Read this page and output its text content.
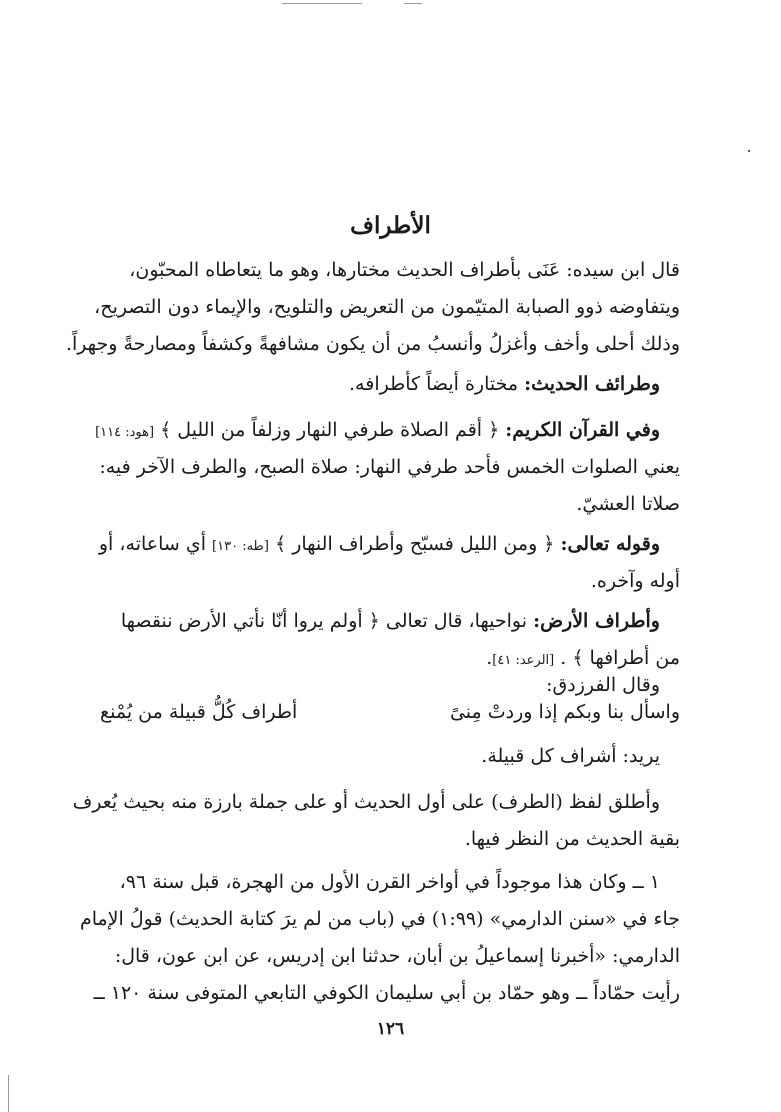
الأطراف
قال ابن سيده: عَنَى بأطراف الحديث مختارها، وهو ما يتعاطاه المحبّون،
ويتفاوضه ذوو الصبابة المتيّمون من التعريض والتلويح، والإيماء دون التصريح،
وذلك أحلى وأخف وأغزلُ وأنسبُ من أن يكون مشافهةً وكشفاً ومصارحةً وجهراً.
وطرائف الحديث: مختارة أيضاً كأطرافه.
وفي القرآن الكريم: ﴿ أقم الصلاة طرفي النهار وزلفاً من الليل ﴾ [هود: ١١٤]
يعني الصلوات الخمس فأحد طرفي النهار: صلاة الصبح، والطرف الآخر فيه:
صلاتا العشيّ.
وقوله تعالى: ﴿ ومن الليل فسبّح وأطراف النهار ﴾ [طه: ١٣٠] أي ساعاته، أو
أوله وآخره.
وأطراف الأرض: نواحيها، قال تعالى ﴿ أولم يروا أنّا نأتي الأرض ننقصها
من أطرافها ﴾ . [الرعد: ٤١].
وقال الفرزدق:
واسأل بنا وبكم إذا وردتْ مِنىً
أطراف كُلُّ قبيلة من يُمْنع
يريد: أشراف كل قبيلة.
وأطلق لفظ (الطرف) على أول الحديث أو على جملة بارزة منه بحيث يُعرف
بقية الحديث من النظر فيها.
١ ــ وكان هذا موجوداً في أواخر القرن الأول من الهجرة، قبل سنة ٩٦،
جاء في «سنن الدارمي» (١:٩٩) في (باب من لم يرَ كتابة الحديث) قولُ الإمام
الدارمي: «أخبرنا إسماعيلُ بن أبان، حدثنا ابن إدريس، عن ابن عون، قال:
رأيت حمّاداً ــ وهو حمّاد بن أبي سليمان الكوفي التابعي المتوفى سنة ١٢٠ ــ
١٢٦
